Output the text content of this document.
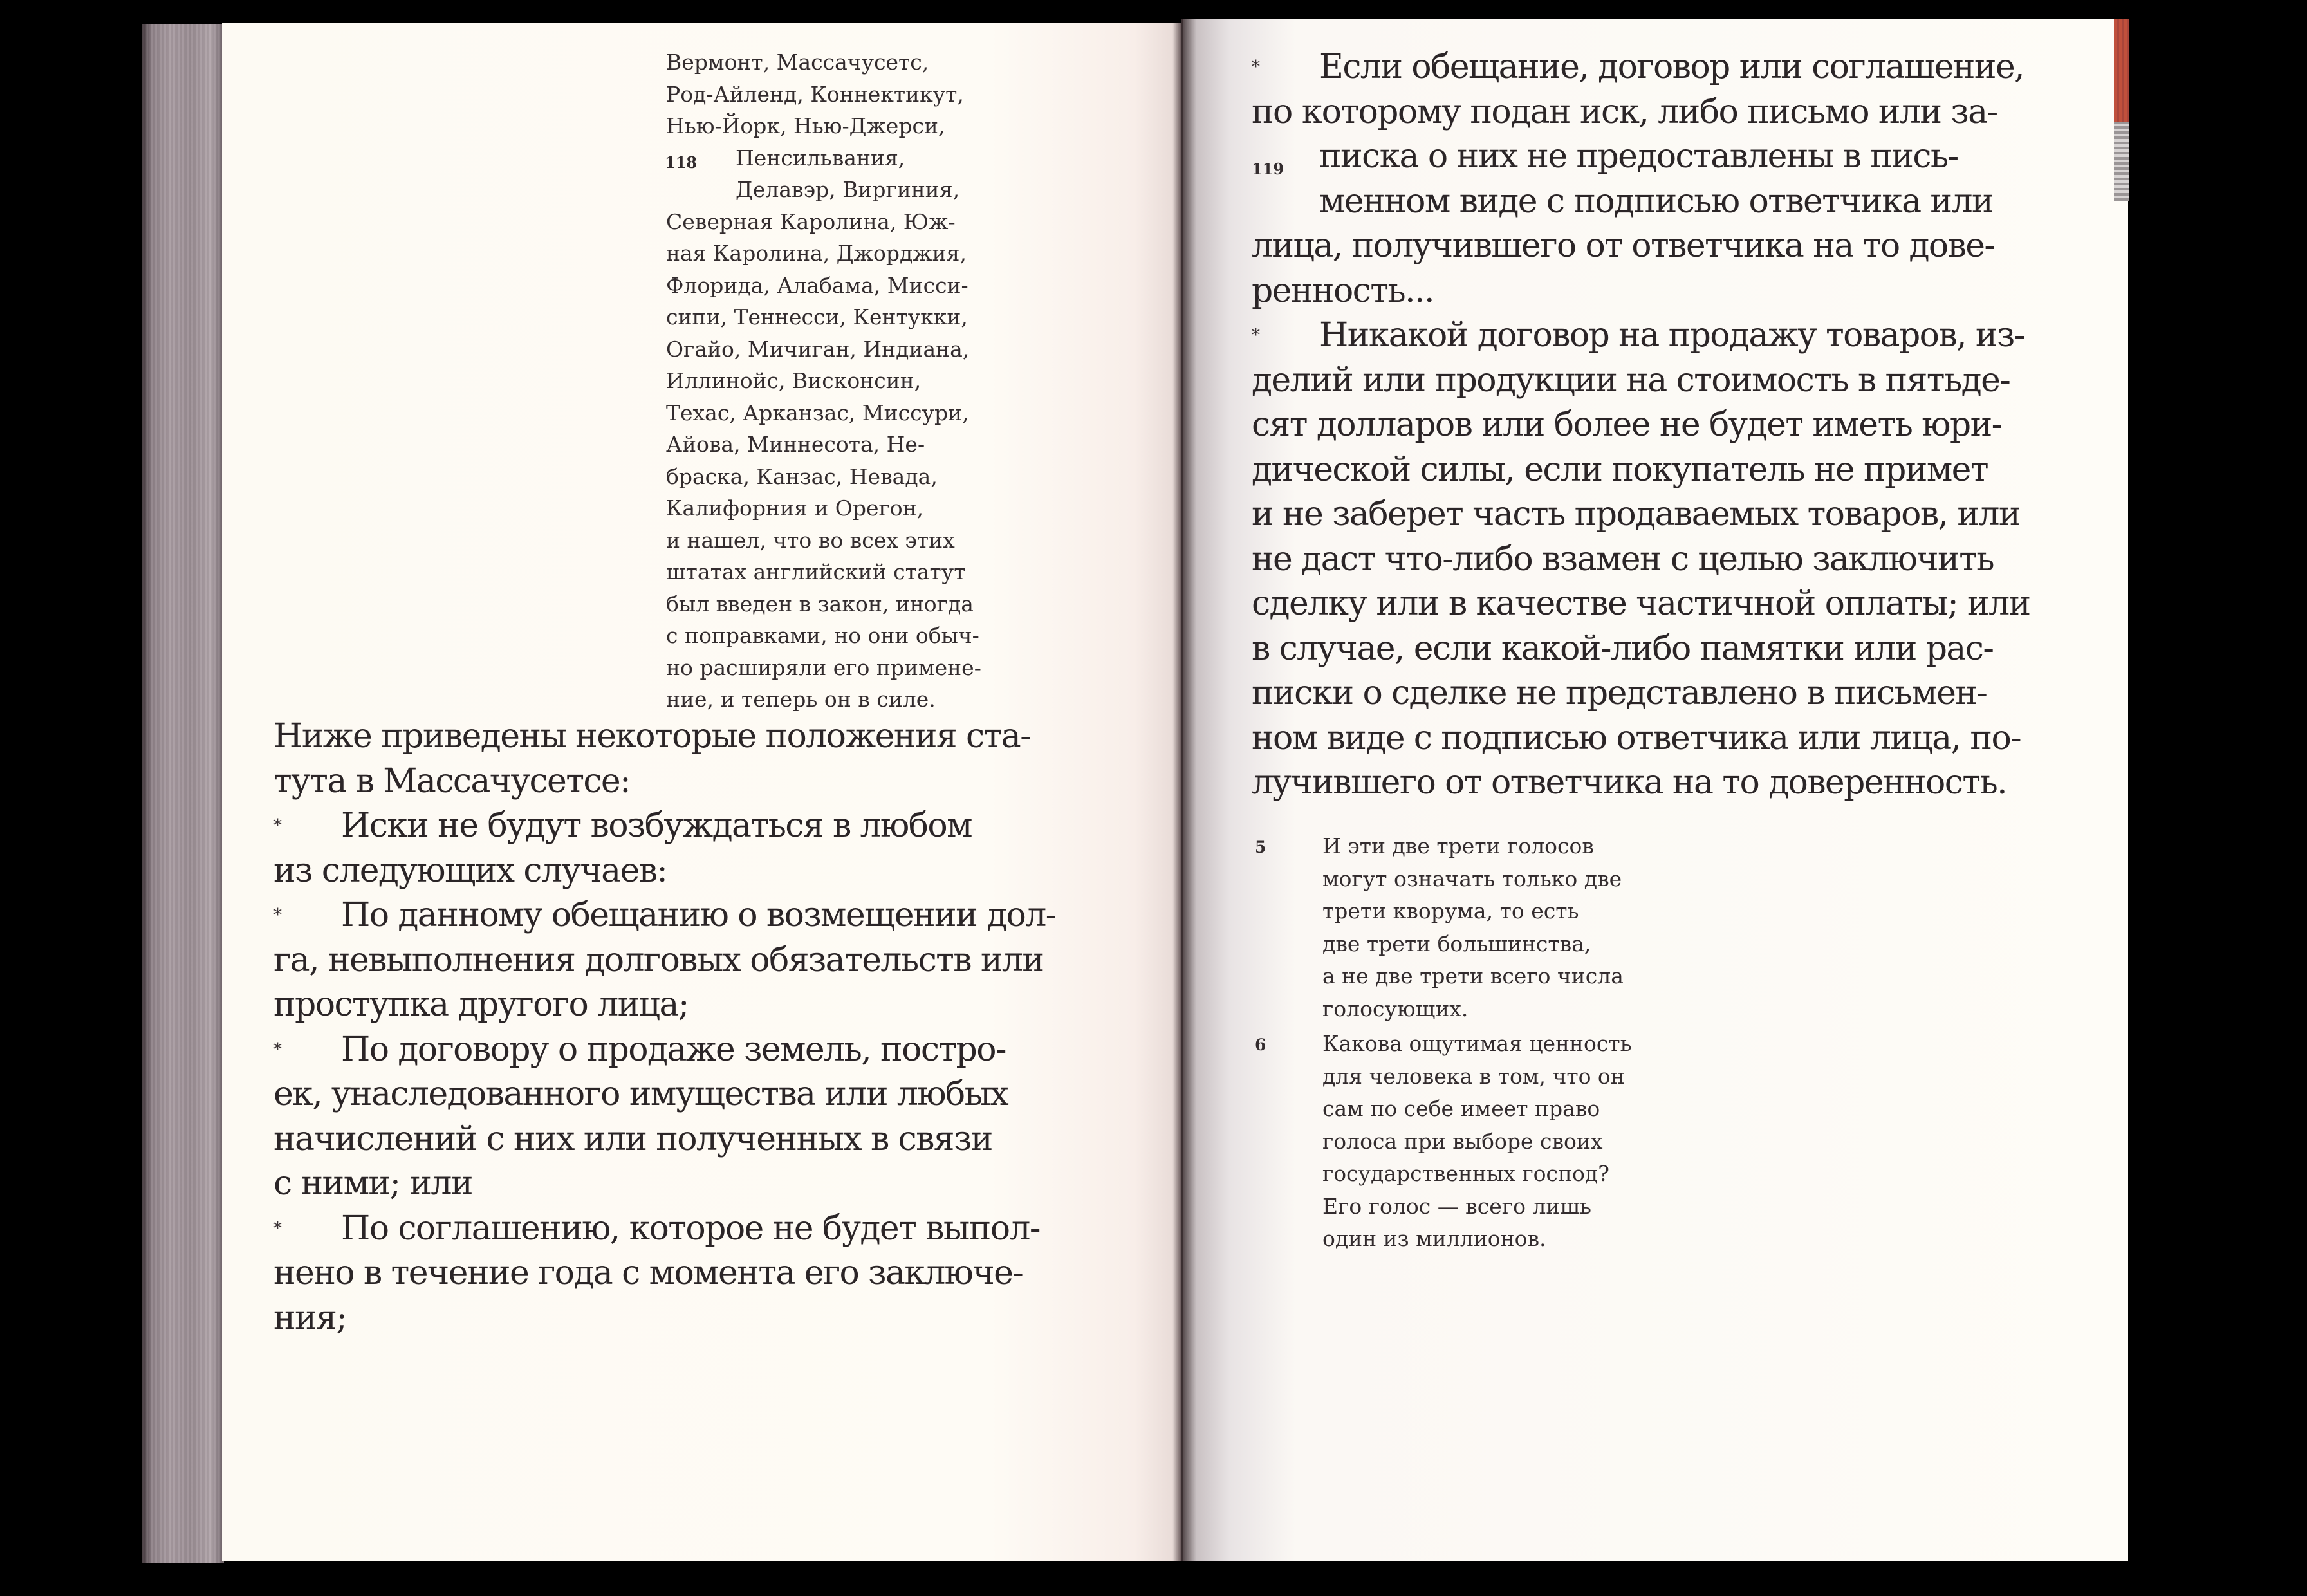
Вермонт, Массачусетс,
Род-Айленд, Коннектикут,
Нью-Йорк, Нью-Джерси,
Пенсильвания,
Делавэр, Виргиния,
Северная Каролина, Юж-
ная Каролина, Джорджия,
Флорида, Алабама, Мисси-
сипи, Теннесси, Кентукки,
Огайо, Мичиган, Индиана,
Иллинойс, Висконсин,
Техас, Арканзас, Миссури,
Айова, Миннесота, Не-
браска, Канзас, Невада,
Калифорния и Орегон,
и нашел, что во всех этих
штатах английский статут
был введен в закон, иногда
с поправками, но они обыч-
но расширяли его примене-
ние, и теперь он в силе.
118
Ниже приведены некоторые положения ста-
тута в Массачусетсе:
* Иски не будут возбуждаться в любом
из следующих случаев:
* По данному обещанию о возмещении дол-
га, невыполнения долговых обязательств или
проступка другого лица;
* По договору о продаже земель, постро-
ек, унаследованного имущества или любых
начислений с них или полученных в связи
с ними; или
* По соглашению, которое не будет выпол-
нено в течение года с момента его заключе-
ния;
* Если обещание, договор или соглашение,
по которому подан иск, либо письмо или за-
писка о них не предоставлены в пись-
менном виде с подписью ответчика или
лица, получившего от ответчика на то дове-
ренность...
* Никакой договор на продажу товаров, из-
делий или продукции на стоимость в пятьде-
сят долларов или более не будет иметь юри-
дической силы, если покупатель не примет
и не заберет часть продаваемых товаров, или
не даст что-либо взамен с целью заключить
сделку или в качестве частичной оплаты; или
в случае, если какой-либо памятки или рас-
писки о сделке не представлено в письмен-
ном виде с подписью ответчика или лица, по-
лучившего от ответчика на то доверенность.
119
5	И эти две трети голосов
могут означать только две
трети кворума, то есть
две трети большинства,
а не две трети всего числа
голосующих.
6	Какова ощутимая ценность
для человека в том, что он
сам по себе имеет право
голоса при выборе своих
государственных господ?
Его голос — всего лишь
один из миллионов.
